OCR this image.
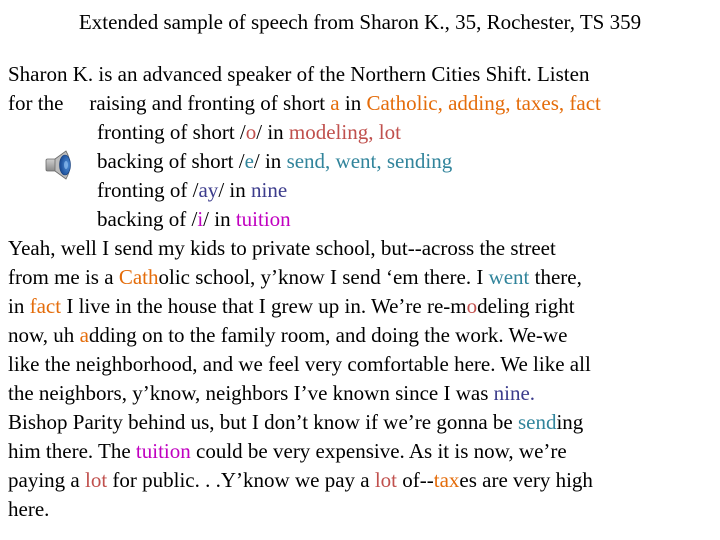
Extended sample of speech from Sharon K., 35, Rochester, TS 359
Sharon K. is an advanced speaker of the Northern Cities Shift. Listen
for the raising and fronting of short a in Catholic, adding, taxes, fact
fronting of short /o/ in modeling, lot
backing of short /e/ in send, went, sending
fronting of /ay/ in nine
backing of /i/ in tuition
Yeah, well I send my kids to private school, but--across the street
from me is a Catholic school, y’know I send ‘em there. I went there,
in fact I live in the house that I grew up in. We’re re-modeling right
now, uh adding on to the family room, and doing the work. We-we
like the neighborhood, and we feel very comfortable here. We like all
the neighbors, y’know, neighbors I’ve known since I was nine.
Bishop Parity behind us, but I don’t know if we’re gonna be sending
him there. The tuition could be very expensive. As it is now, we’re
paying a lot for public. . .Y’know we pay a lot of--taxes are very high
here.
